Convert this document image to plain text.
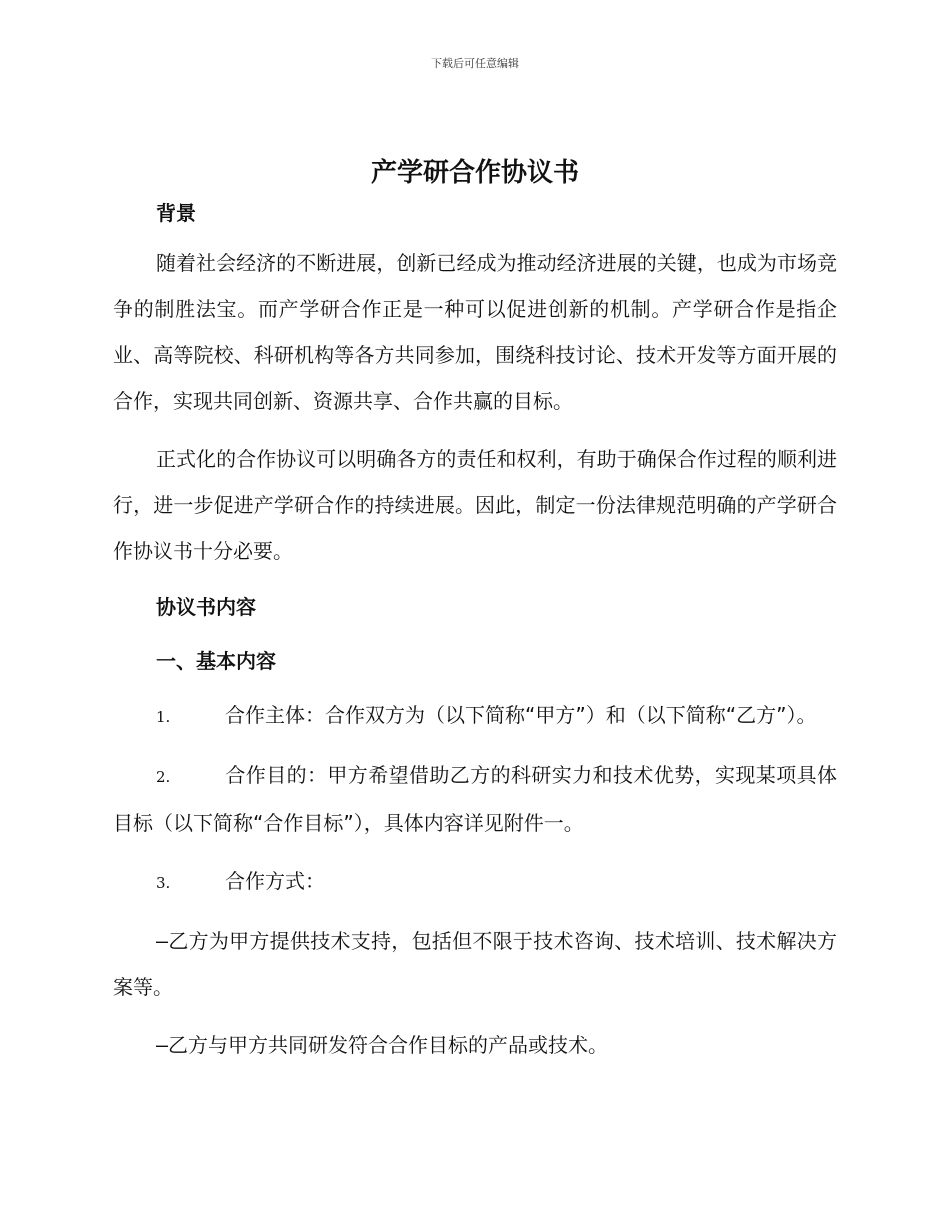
下载后可任意编辑
产学研合作协议书
背景
随着社会经济的不断进展，创新已经成为推动经济进展的关键，也成为市场竞争的制胜法宝。而产学研合作正是一种可以促进创新的机制。产学研合作是指企业、高等院校、科研机构等各方共同参加，围绕科技讨论、技术开发等方面开展的合作，实现共同创新、资源共享、合作共赢的目标。
正式化的合作协议可以明确各方的责任和权利，有助于确保合作过程的顺利进行，进一步促进产学研合作的持续进展。因此，制定一份法律规范明确的产学研合作协议书十分必要。
协议书内容
一、基本内容
1.	合作主体：合作双方为（以下简称“甲方”）和（以下简称“乙方”）。
2.	合作目的：甲方希望借助乙方的科研实力和技术优势，实现某项具体目标（以下简称“合作目标”），具体内容详见附件一。
3.	合作方式：
–乙方为甲方提供技术支持，包括但不限于技术咨询、技术培训、技术解决方案等。
–乙方与甲方共同研发符合合作目标的产品或技术。
